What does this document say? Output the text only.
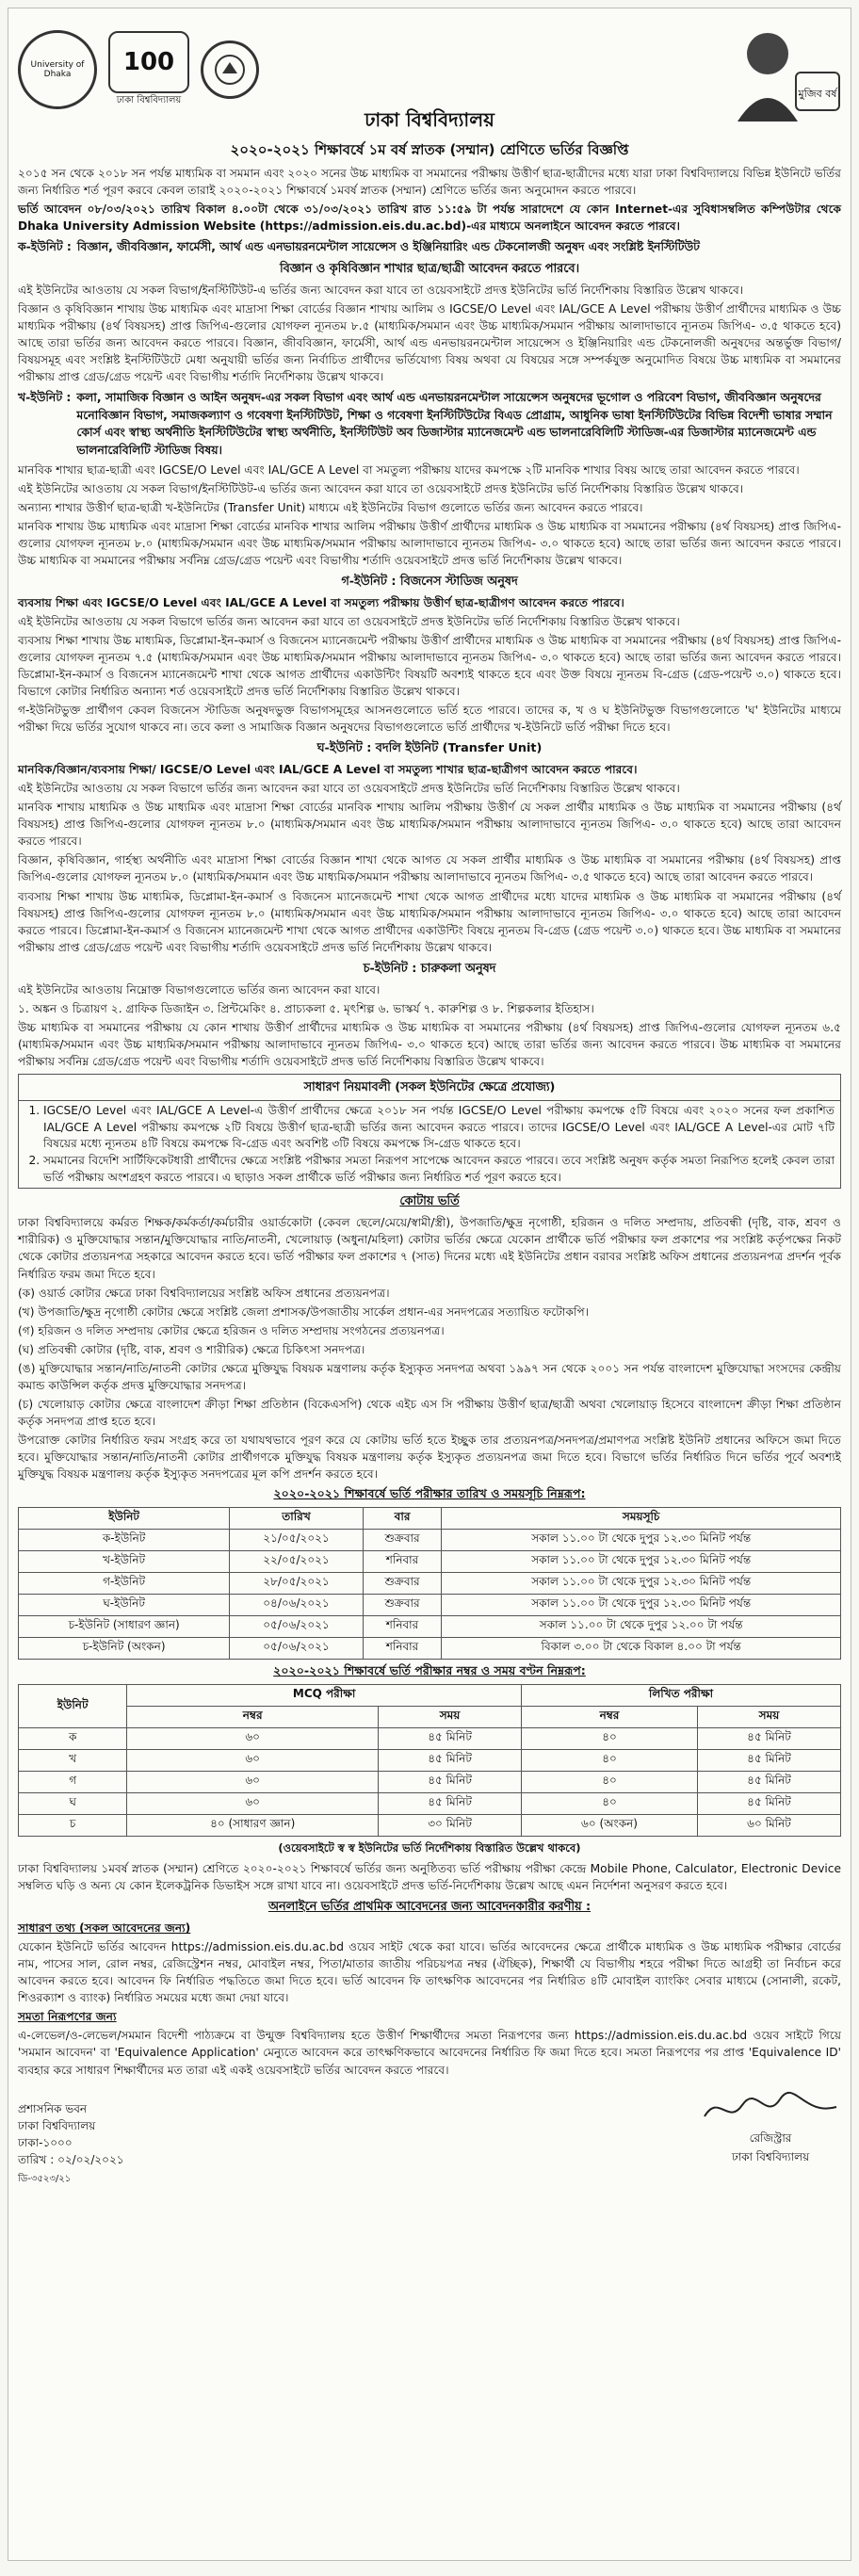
University of Dhaka	100
ঢাকা বিশ্ববিদ্যালয়	মুজিব বর্ষ
ঢাকা বিশ্ববিদ্যালয়
২০২০-২০২১ শিক্ষাবর্ষে ১ম বর্ষ স্নাতক (সম্মান) শ্রেণিতে ভর্তির বিজ্ঞপ্তি

২০১৫ সন থেকে ২০১৮ সন পর্যন্ত মাধ্যমিক বা সমমান এবং ২০২০ সনের উচ্চ মাধ্যমিক বা সমমানের পরীক্ষায় উত্তীর্ণ ছাত্র-ছাত্রীদের মধ্যে যারা ঢাকা বিশ্ববিদ্যালয়ে বিভিন্ন ইউনিটে ভর্তির জন্য নির্ধারিত শর্ত পূরণ করবে কেবল তারাই ২০২০-২০২১ শিক্ষাবর্ষে ১মবর্ষ স্নাতক (সম্মান) শ্রেণিতে ভর্তির জন্য অনুমোদন করতে পারবে।

ভর্তি আবেদন ০৮/০৩/২০২১ তারিখ বিকাল ৪.০০টা থেকে ৩১/০৩/২০২১ তারিখ রাত ১১:৫৯ টা পর্যন্ত সারাদেশে যে কোন Internet-এর সুবিধাসম্বলিত কম্পিউটার থেকে Dhaka University Admission Website (https://admission.eis.du.ac.bd)-এর মাধ্যমে অনলাইনে আবেদন করতে পারবে।

ক-ইউনিট : বিজ্ঞান, জীববিজ্ঞান, ফার্মেসী, আর্থ এন্ড এনভায়রনমেন্টাল সায়েন্সেস ও ইঞ্জিনিয়ারিং এন্ড টেকনোলজী অনুষদ এবং সংশ্লিষ্ট ইনস্টিটিউট
বিজ্ঞান ও কৃষিবিজ্ঞান শাখার ছাত্র/ছাত্রী আবেদন করতে পারবে।

এই ইউনিটের আওতায় যে সকল বিভাগ/ইনস্টিটিউট-এ ভর্তির জন্য আবেদন করা যাবে তা ওয়েবসাইটে প্রদত্ত ইউনিটের ভর্তি নির্দেশিকায় বিস্তারিত উল্লেখ থাকবে।

বিজ্ঞান ও কৃষিবিজ্ঞান শাখায় উচ্চ মাধ্যমিক এবং মাদ্রাসা শিক্ষা বোর্ডের বিজ্ঞান শাখায় আলিম ও IGCSE/O Level এবং IAL/GCE A Level পরীক্ষায় উত্তীর্ণ প্রার্থীদের মাধ্যমিক ও উচ্চ মাধ্যমিক পরীক্ষায় (৪র্থ বিষয়সহ) প্রাপ্ত জিপিএ-গুলোর যোগফল ন্যূনতম ৮.৫ (মাধ্যমিক/সমমান এবং উচ্চ মাধ্যমিক/সমমান পরীক্ষায় আলাদাভাবে ন্যূনতম জিপিএ- ৩.৫ থাকতে হবে) আছে তারা ভর্তির জন্য আবেদন করতে পারবে। বিজ্ঞান, জীববিজ্ঞান, ফার্মেসী, আর্থ এন্ড এনভায়রনমেন্টাল সায়েন্সেস ও ইঞ্জিনিয়ারিং এন্ড টেকনোলজী অনুষদের অন্তর্ভুক্ত বিভাগ/বিষয়সমূহ এবং সংশ্লিষ্ট ইনস্টিটিউটে মেধা অনুযায়ী ভর্তির জন্য নির্বাচিত প্রার্থীদের ভর্তিযোগ্য বিষয় অথবা যে বিষয়ের সঙ্গে সম্পর্কযুক্ত অনুমোদিত বিষয়ে উচ্চ মাধ্যমিক বা সমমানের পরীক্ষায় প্রাপ্ত গ্রেড/গ্রেড পয়েন্ট এবং বিভাগীয় শর্তাদি নির্দেশিকায় উল্লেখ থাকবে।

খ-ইউনিট : কলা, সামাজিক বিজ্ঞান ও আইন অনুষদ-এর সকল বিভাগ এবং আর্থ এন্ড এনভায়রনমেন্টাল সায়েন্সেস অনুষদের ভূগোল ও পরিবেশ বিভাগ, জীববিজ্ঞান অনুষদের মনোবিজ্ঞান বিভাগ, সমাজকল্যাণ ও গবেষণা ইনস্টিটিউট, শিক্ষা ও গবেষণা ইনস্টিটিউটের বিএড প্রোগ্রাম, আধুনিক ভাষা ইনস্টিটিউটের বিভিন্ন বিদেশী ভাষার সম্মান কোর্স এবং স্বাস্থ্য অর্থনীতি ইনস্টিটিউটের স্বাস্থ্য অর্থনীতি, ইনস্টিটিউট অব ডিজাস্টার ম্যানেজমেন্ট এন্ড ভালনারেবিলিটি স্টাডিজ-এর ডিজাস্টার ম্যানেজমেন্ট এন্ড ভালনারেবিলিটি স্টাডিজ বিষয়।

মানবিক শাখার ছাত্র-ছাত্রী এবং IGCSE/O Level এবং IAL/GCE A Level বা সমতুল্য পরীক্ষায় যাদের কমপক্ষে ২টি মানবিক শাখার বিষয় আছে তারা আবেদন করতে পারবে।

এই ইউনিটের আওতায় যে সকল বিভাগ/ইনস্টিটিউট-এ ভর্তির জন্য আবেদন করা যাবে তা ওয়েবসাইটে প্রদত্ত ইউনিটের ভর্তি নির্দেশিকায় বিস্তারিত উল্লেখ থাকবে।

অন্যান্য শাখার উত্তীর্ণ ছাত্র-ছাত্রী খ-ইউনিটের (Transfer Unit) মাধ্যমে এই ইউনিটের বিভাগ গুলোতে ভর্তির জন্য আবেদন করতে পারবে।

মানবিক শাখায় উচ্চ মাধ্যমিক এবং মাদ্রাসা শিক্ষা বোর্ডের মানবিক শাখার আলিম পরীক্ষায় উত্তীর্ণ প্রার্থীদের মাধ্যমিক ও উচ্চ মাধ্যমিক বা সমমানের পরীক্ষায় (৪র্থ বিষয়সহ) প্রাপ্ত জিপিএ-গুলোর যোগফল ন্যূনতম ৮.০ (মাধ্যমিক/সমমান এবং উচ্চ মাধ্যমিক/সমমান পরীক্ষায় আলাদাভাবে ন্যূনতম জিপিএ- ৩.০ থাকতে হবে) আছে তারা ভর্তির জন্য আবেদন করতে পারবে। উচ্চ মাধ্যমিক বা সমমানের পরীক্ষায় সর্বনিম্ন গ্রেড/গ্রেড পয়েন্ট এবং বিভাগীয় শর্তাদি ওয়েবসাইটে প্রদত্ত ভর্তি নির্দেশিকায় উল্লেখ থাকবে।

গ-ইউনিট : বিজনেস স্টাডিজ অনুষদ

ব্যবসায় শিক্ষা এবং IGCSE/O Level এবং IAL/GCE A Level বা সমতুল্য পরীক্ষায় উত্তীর্ণ ছাত্র-ছাত্রীগণ আবেদন করতে পারবে।

এই ইউনিটের আওতায় যে সকল বিভাগে ভর্তির জন্য আবেদন করা যাবে তা ওয়েবসাইটে প্রদত্ত ইউনিটের ভর্তি নির্দেশিকায় বিস্তারিত উল্লেখ থাকবে।

ব্যবসায় শিক্ষা শাখায় উচ্চ মাধ্যমিক, ডিপ্লোমা-ইন-কমার্স ও বিজনেস ম্যানেজমেন্ট পরীক্ষায় উত্তীর্ণ প্রার্থীদের মাধ্যমিক ও উচ্চ মাধ্যমিক বা সমমানের পরীক্ষায় (৪র্থ বিষয়সহ) প্রাপ্ত জিপিএ-গুলোর যোগফল ন্যূনতম ৭.৫ (মাধ্যমিক/সমমান এবং উচ্চ মাধ্যমিক/সমমান পরীক্ষায় আলাদাভাবে ন্যূনতম জিপিএ- ৩.০ থাকতে হবে) আছে তারা ভর্তির জন্য আবেদন করতে পারবে। ডিপ্লোমা-ইন-কমার্স ও বিজনেস ম্যানেজমেন্ট শাখা থেকে আগত প্রার্থীদের একাউন্টিং বিষয়টি অবশ্যই থাকতে হবে এবং উক্ত বিষয়ে ন্যূনতম বি-গ্রেড (গ্রেড-পয়েন্ট ৩.০) থাকতে হবে। বিভাগে কোটার নির্ধারিত অন্যান্য শর্ত ওয়েবসাইটে প্রদত্ত ভর্তি নির্দেশিকায় বিস্তারিত উল্লেখ থাকবে।

গ-ইউনিটভুক্ত প্রার্থীগণ কেবল বিজনেস স্টাডিজ অনুষদভুক্ত বিভাগসমূহের আসনগুলোতে ভর্তি হতে পারবে। তাদের ক, খ ও ঘ ইউনিটভুক্ত বিভাগগুলোতে 'ঘ' ইউনিটের মাধ্যমে পরীক্ষা দিয়ে ভর্তির সুযোগ থাকবে না। তবে কলা ও সামাজিক বিজ্ঞান অনুষদের বিভাগগুলোতে ভর্তি প্রার্থীদের খ-ইউনিটে ভর্তি পরীক্ষা দিতে হবে।

ঘ-ইউনিট : বদলি ইউনিট (Transfer Unit)

মানবিক/বিজ্ঞান/ব্যবসায় শিক্ষা/ IGCSE/O Level এবং IAL/GCE A Level বা সমতুল্য শাখার ছাত্র-ছাত্রীগণ আবেদন করতে পারবে।

এই ইউনিটের আওতায় যে সকল বিভাগে ভর্তির জন্য আবেদন করা যাবে তা ওয়েবসাইটে প্রদত্ত ইউনিটের ভর্তি নির্দেশিকায় বিস্তারিত উল্লেখ থাকবে।

মানবিক শাখায় মাধ্যমিক ও উচ্চ মাধ্যমিক এবং মাদ্রাসা শিক্ষা বোর্ডের মানবিক শাখায় আলিম পরীক্ষায় উত্তীর্ণ যে সকল প্রার্থীর মাধ্যমিক ও উচ্চ মাধ্যমিক বা সমমানের পরীক্ষায় (৪র্থ বিষয়সহ) প্রাপ্ত জিপিএ-গুলোর যোগফল ন্যূনতম ৮.০ (মাধ্যমিক/সমমান এবং উচ্চ মাধ্যমিক/সমমান পরীক্ষায় আলাদাভাবে ন্যূনতম জিপিএ- ৩.০ থাকতে হবে) আছে তারা আবেদন করতে পারবে।

বিজ্ঞান, কৃষিবিজ্ঞান, গার্হস্থ্য অর্থনীতি এবং মাদ্রাসা শিক্ষা বোর্ডের বিজ্ঞান শাখা থেকে আগত যে সকল প্রার্থীর মাধ্যমিক ও উচ্চ মাধ্যমিক বা সমমানের পরীক্ষায় (৪র্থ বিষয়সহ) প্রাপ্ত জিপিএ-গুলোর যোগফল ন্যূনতম ৮.০ (মাধ্যমিক/সমমান এবং উচ্চ মাধ্যমিক/সমমান পরীক্ষায় আলাদাভাবে ন্যূনতম জিপিএ- ৩.৫ থাকতে হবে) আছে তারা আবেদন করতে পারবে।

ব্যবসায় শিক্ষা শাখায় উচ্চ মাধ্যমিক, ডিপ্লোমা-ইন-কমার্স ও বিজনেস ম্যানেজমেন্ট শাখা থেকে আগত প্রার্থীদের মধ্যে যাদের মাধ্যমিক ও উচ্চ মাধ্যমিক বা সমমানের পরীক্ষায় (৪র্থ বিষয়সহ) প্রাপ্ত জিপিএ-গুলোর যোগফল ন্যূনতম ৮.০ (মাধ্যমিক/সমমান এবং উচ্চ মাধ্যমিক/সমমান পরীক্ষায় আলাদাভাবে ন্যূনতম জিপিএ- ৩.০ থাকতে হবে) আছে তারা আবেদন করতে পারবে। ডিপ্লোমা-ইন-কমার্স ও বিজনেস ম্যানেজমেন্ট শাখা থেকে আগত প্রার্থীদের একাউন্টিং বিষয়ে ন্যূনতম বি-গ্রেড (গ্রেড পয়েন্ট ৩.০) থাকতে হবে। উচ্চ মাধ্যমিক বা সমমানের পরীক্ষায় প্রাপ্ত গ্রেড/গ্রেড পয়েন্ট এবং বিভাগীয় শর্তাদি ওয়েবসাইটে প্রদত্ত ভর্তি নির্দেশিকায় উল্লেখ থাকবে।

চ-ইউনিট : চারুকলা অনুষদ

এই ইউনিটের আওতায় নিম্নোক্ত বিভাগগুলোতে ভর্তির জন্য আবেদন করা যাবে।

১. অঙ্কন ও চিত্রায়ণ ২. গ্রাফিক ডিজাইন ৩. প্রিন্টমেকিং ৪. প্রাচ্যকলা ৫. মৃৎশিল্প ৬. ভাস্কর্য ৭. কারুশিল্প ও ৮. শিল্পকলার ইতিহাস।

উচ্চ মাধ্যমিক বা সমমানের পরীক্ষায় যে কোন শাখায় উত্তীর্ণ প্রার্থীদের মাধ্যমিক ও উচ্চ মাধ্যমিক বা সমমানের পরীক্ষায় (৪র্থ বিষয়সহ) প্রাপ্ত জিপিএ-গুলোর যোগফল ন্যূনতম ৬.৫ (মাধ্যমিক/সমমান এবং উচ্চ মাধ্যমিক/সমমান পরীক্ষায় আলাদাভাবে ন্যূনতম জিপিএ- ৩.০ থাকতে হবে) আছে তারা ভর্তির জন্য আবেদন করতে পারবে। উচ্চ মাধ্যমিক বা সমমানের পরীক্ষায় সর্বনিম্ন গ্রেড/গ্রেড পয়েন্ট এবং বিভাগীয় শর্তাদি ওয়েবসাইটে প্রদত্ত ভর্তি নির্দেশিকায় বিস্তারিত উল্লেখ থাকবে।

সাধারণ নিয়মাবলী (সকল ইউনিটের ক্ষেত্রে প্রযোজ্য)
1. IGCSE/O Level এবং IAL/GCE A Level-এ উত্তীর্ণ প্রার্থীদের ক্ষেত্রে ২০১৮ সন পর্যন্ত IGCSE/O Level পরীক্ষায় কমপক্ষে ৫টি বিষয়ে এবং ২০২০ সনের ফল প্রকাশিত IAL/GCE A Level পরীক্ষায় কমপক্ষে ২টি বিষয়ে উত্তীর্ণ ছাত্র-ছাত্রী ভর্তির জন্য আবেদন করতে পারবে। তাদের IGCSE/O Level এবং IAL/GCE A Level-এর মোট ৭টি বিষয়ের মধ্যে ন্যূনতম ৪টি বিষয়ে কমপক্ষে বি-গ্রেড এবং অবশিষ্ট ৩টি বিষয়ে কমপক্ষে সি-গ্রেড থাকতে হবে।
2. সমমানের বিদেশি সার্টিফিকেটধারী প্রার্থীদের ক্ষেত্রে সংশ্লিষ্ট পরীক্ষার সমতা নিরূপণ সাপেক্ষে আবেদন করতে পারবে। তবে সংশ্লিষ্ট অনুষদ কর্তৃক সমতা নিরূপিত হলেই কেবল তারা ভর্তি পরীক্ষায় অংশগ্রহণ করতে পারবে। এ ছাড়াও সকল প্রার্থীকে ভর্তি পরীক্ষার জন্য নির্ধারিত শর্ত পূরণ করতে হবে।
কোটায় ভর্তি

ঢাকা বিশ্ববিদ্যালয়ে কর্মরত শিক্ষক/কর্মকর্তা/কর্মচারীর ওয়ার্ডকোটা (কেবল ছেলে/মেয়ে/স্বামী/স্ত্রী), উপজাতি/ক্ষুদ্র নৃগোষ্ঠী, হরিজন ও দলিত সম্প্রদায়, প্রতিবন্ধী (দৃষ্টি, বাক, শ্রবণ ও শারীরিক) ও মুক্তিযোদ্ধার সন্তান/মুক্তিযোদ্ধার নাতি/নাতনী, খেলোয়াড় (অধুনা/মহিলা) কোটার ভর্তির ক্ষেত্রে যেকোন প্রার্থীকে ভর্তি পরীক্ষার ফল প্রকাশের পর সংশ্লিষ্ট কর্তৃপক্ষের নিকট থেকে কোটার প্রত্যয়নপত্র সহকারে আবেদন করতে হবে। ভর্তি পরীক্ষার ফল প্রকাশের ৭ (সাত) দিনের মধ্যে এই ইউনিটের প্রধান বরাবর সংশ্লিষ্ট অফিস প্রধানের প্রত্যয়নপত্র প্রদর্শন পূর্বক নির্ধারিত ফরম জমা দিতে হবে।

(ক) ওয়ার্ড কোটার ক্ষেত্রে ঢাকা বিশ্ববিদ্যালয়ের সংশ্লিষ্ট অফিস প্রধানের প্রত্যয়নপত্র।

(খ) উপজাতি/ক্ষুদ্র নৃগোষ্ঠী কোটার ক্ষেত্রে সংশ্লিষ্ট জেলা প্রশাসক/উপজাতীয় সার্কেল প্রধান-এর সনদপত্রের সত্যায়িত ফটোকপি।

(গ) হরিজন ও দলিত সম্প্রদায় কোটার ক্ষেত্রে হরিজন ও দলিত সম্প্রদায় সংগঠনের প্রত্যয়নপত্র।

(ঘ) প্রতিবন্ধী কোটার (দৃষ্টি, বাক, শ্রবণ ও শারীরিক) ক্ষেত্রে চিকিৎসা সনদপত্র।

(ঙ) মুক্তিযোদ্ধার সন্তান/নাতি/নাতনী কোটার ক্ষেত্রে মুক্তিযুদ্ধ বিষয়ক মন্ত্রণালয় কর্তৃক ইস্যুকৃত সনদপত্র অথবা ১৯৯৭ সন থেকে ২০০১ সন পর্যন্ত বাংলাদেশ মুক্তিযোদ্ধা সংসদের কেন্দ্রীয় কমান্ড কাউন্সিল কর্তৃক প্রদত্ত মুক্তিযোদ্ধার সনদপত্র।

(চ) খেলোয়াড় কোটার ক্ষেত্রে বাংলাদেশ ক্রীড়া শিক্ষা প্রতিষ্ঠান (বিকেএসপি) থেকে এইচ এস সি পরীক্ষায় উত্তীর্ণ ছাত্র/ছাত্রী অথবা খেলোয়াড় হিসেবে বাংলাদেশ ক্রীড়া শিক্ষা প্রতিষ্ঠান কর্তৃক সনদপত্র প্রাপ্ত হতে হবে।

উপরোক্ত কোটার নির্ধারিত ফরম সংগ্রহ করে তা যথাযথভাবে পূরণ করে যে কোটায় ভর্তি হতে ইচ্ছুক তার প্রত্যয়নপত্র/সনদপত্র/প্রমাণপত্র সংশ্লিষ্ট ইউনিট প্রধানের অফিসে জমা দিতে হবে। মুক্তিযোদ্ধার সন্তান/নাতি/নাতনী কোটার প্রার্থীগণকে মুক্তিযুদ্ধ বিষয়ক মন্ত্রণালয় কর্তৃক ইস্যুকৃত প্রত্যয়নপত্র জমা দিতে হবে। বিভাগে ভর্তির নির্ধারিত দিনে ভর্তির পূর্বে অবশ্যই মুক্তিযুদ্ধ বিষয়ক মন্ত্রণালয় কর্তৃক ইস্যুকৃত সনদপত্রের মূল কপি প্রদর্শন করতে হবে।

২০২০-২০২১ শিক্ষাবর্ষে ভর্তি পরীক্ষার তারিখ ও সময়সূচি নিম্নরূপ:
ইউনিট	তারিখ	বার	সময়সূচি
ক-ইউনিট	২১/০৫/২০২১	শুক্রবার	সকাল ১১.০০ টা থেকে দুপুর ১২.৩০ মিনিট পর্যন্ত
খ-ইউনিট	২২/০৫/২০২১	শনিবার	সকাল ১১.০০ টা থেকে দুপুর ১২.৩০ মিনিট পর্যন্ত
গ-ইউনিট	২৮/০৫/২০২১	শুক্রবার	সকাল ১১.০০ টা থেকে দুপুর ১২.৩০ মিনিট পর্যন্ত
ঘ-ইউনিট	০৪/০৬/২০২১	শুক্রবার	সকাল ১১.০০ টা থেকে দুপুর ১২.৩০ মিনিট পর্যন্ত
চ-ইউনিট (সাধারণ জ্ঞান)	০৫/০৬/২০২১	শনিবার	সকাল ১১.০০ টা থেকে দুপুর ১২.০০ টা পর্যন্ত
চ-ইউনিট (অংকন)	০৫/০৬/২০২১	শনিবার	বিকাল ৩.০০ টা থেকে বিকাল ৪.০০ টা পর্যন্ত
২০২০-২০২১ শিক্ষাবর্ষে ভর্তি পরীক্ষার নম্বর ও সময় বণ্টন নিম্নরূপ:
ইউনিট	MCQ পরীক্ষা		লিখিত পরীক্ষা	
	নম্বর	সময়	নম্বর	সময়
ক	৬০	৪৫ মিনিট	৪০	৪৫ মিনিট
খ	৬০	৪৫ মিনিট	৪০	৪৫ মিনিট
গ	৬০	৪৫ মিনিট	৪০	৪৫ মিনিট
ঘ	৬০	৪৫ মিনিট	৪০	৪৫ মিনিট
চ	৪০ (সাধারণ জ্ঞান)	৩০ মিনিট	৬০ (অংকন)	৬০ মিনিট
(ওয়েবসাইটে স্ব স্ব ইউনিটের ভর্তি নির্দেশিকায় বিস্তারিত উল্লেখ থাকবে)

ঢাকা বিশ্ববিদ্যালয় ১মবর্ষ স্নাতক (সম্মান) শ্রেণিতে ২০২০-২০২১ শিক্ষাবর্ষে ভর্তির জন্য অনুষ্ঠিতব্য ভর্তি পরীক্ষায় পরীক্ষা কেন্দ্রে Mobile Phone, Calculator, Electronic Device সম্বলিত ঘড়ি ও অন্য যে কোন ইলেকট্রনিক ডিভাইস সঙ্গে রাখা যাবে না। ওয়েবসাইটে প্রদত্ত ভর্তি-নির্দেশিকায় উল্লেখ আছে এমন নির্দেশনা অনুসরণ করতে হবে।

অনলাইনে ভর্তির প্রাথমিক আবেদনের জন্য আবেদনকারীর করণীয় :
সাধারণ তথ্য (সকল আবেদনের জন্য)

যেকোন ইউনিটে ভর্তির আবেদন https://admission.eis.du.ac.bd ওয়েব সাইট থেকে করা যাবে। ভর্তির আবেদনের ক্ষেত্রে প্রার্থীকে মাধ্যমিক ও উচ্চ মাধ্যমিক পরীক্ষার বোর্ডের নাম, পাসের সাল, রোল নম্বর, রেজিস্ট্রেশন নম্বর, মোবাইল নম্বর, পিতা/মাতার জাতীয় পরিচয়পত্র নম্বর (ঐচ্ছিক), শিক্ষার্থী যে বিভাগীয় শহরে পরীক্ষা দিতে আগ্রহী তা নির্বাচন করে আবেদন করতে হবে। আবেদন ফি নির্ধারিত পদ্ধতিতে জমা দিতে হবে। ভর্তি আবেদন ফি তাৎক্ষণিক আবেদনের পর নির্ধারিত ৪টি মোবাইল ব্যাংকিং সেবার মাধ্যমে (সোনালী, রকেট, শিওরক্যাশ ও ব্যাংক) নির্ধারিত সময়ের মধ্যে জমা দেয়া যাবে।

সমতা নিরূপণের জন্য

এ-লেভেল/ও-লেভেল/সমমান বিদেশী পাঠ্যক্রমে বা উন্মুক্ত বিশ্ববিদ্যালয় হতে উত্তীর্ণ শিক্ষার্থীদের সমতা নিরূপণের জন্য https://admission.eis.du.ac.bd ওয়েব সাইটে গিয়ে 'সমমান আবেদন' বা 'Equivalence Application' মেন্যুতে আবেদন করে তাৎক্ষণিকভাবে আবেদনের নির্ধারিত ফি জমা দিতে হবে। সমতা নিরূপণের পর প্রাপ্ত 'Equivalence ID' ব্যবহার করে সাধারণ শিক্ষার্থীদের মত তারা এই একই ওয়েবসাইটে ভর্তির আবেদন করতে পারবে।

প্রশাসনিক ভবন
ঢাকা বিশ্ববিদ্যালয়
ঢাকা-১০০০
তারিখ : ০২/০২/২০২১
রেজিস্ট্রার
ঢাকা বিশ্ববিদ্যালয়
ডি-৩৫২৩/২১
